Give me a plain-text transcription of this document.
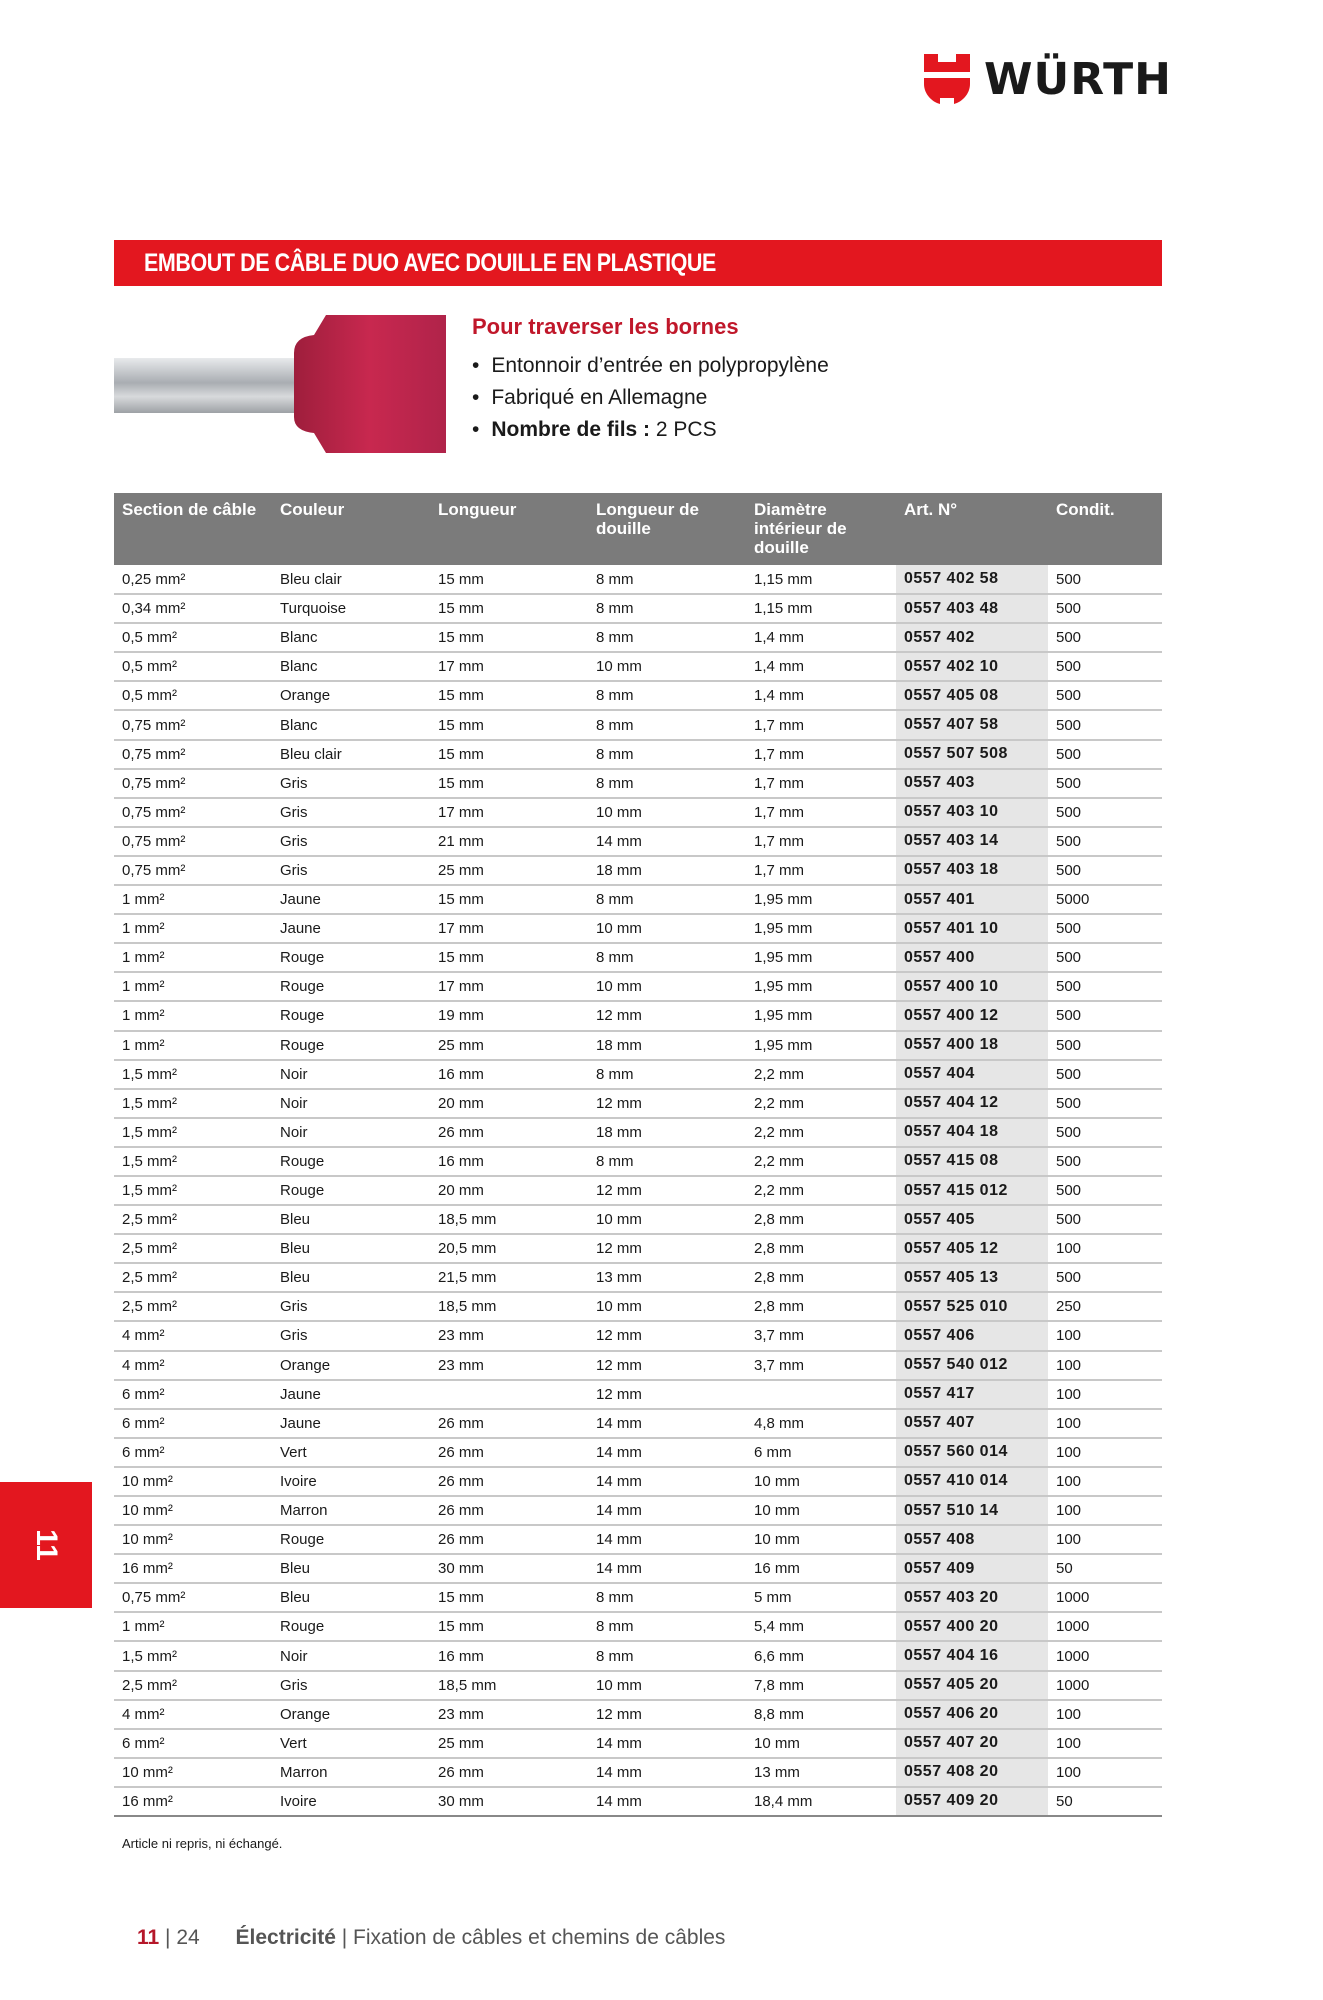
WÜRTH
EMBOUT DE CÂBLE DUO AVEC DOUILLE EN PLASTIQUE
Pour traverser les bornes
• Entonnoir d’entrée en polypropylène
• Fabriqué en Allemagne
• Nombre de fils : 2 PCS
Section de câble	Couleur	Longueur	Longueur de douille	Diamètre intérieur de douille	Art. N°	Condit.
0,25 mm²	Bleu clair	15 mm	8 mm	1,15 mm	0557 402 58	500
0,34 mm²	Turquoise	15 mm	8 mm	1,15 mm	0557 403 48	500
0,5 mm²	Blanc	15 mm	8 mm	1,4 mm	0557 402	500
0,5 mm²	Blanc	17 mm	10 mm	1,4 mm	0557 402 10	500
0,5 mm²	Orange	15 mm	8 mm	1,4 mm	0557 405 08	500
0,75 mm²	Blanc	15 mm	8 mm	1,7 mm	0557 407 58	500
0,75 mm²	Bleu clair	15 mm	8 mm	1,7 mm	0557 507 508	500
0,75 mm²	Gris	15 mm	8 mm	1,7 mm	0557 403	500
0,75 mm²	Gris	17 mm	10 mm	1,7 mm	0557 403 10	500
0,75 mm²	Gris	21 mm	14 mm	1,7 mm	0557 403 14	500
0,75 mm²	Gris	25 mm	18 mm	1,7 mm	0557 403 18	500
1 mm²	Jaune	15 mm	8 mm	1,95 mm	0557 401	5000
1 mm²	Jaune	17 mm	10 mm	1,95 mm	0557 401 10	500
1 mm²	Rouge	15 mm	8 mm	1,95 mm	0557 400	500
1 mm²	Rouge	17 mm	10 mm	1,95 mm	0557 400 10	500
1 mm²	Rouge	19 mm	12 mm	1,95 mm	0557 400 12	500
1 mm²	Rouge	25 mm	18 mm	1,95 mm	0557 400 18	500
1,5 mm²	Noir	16 mm	8 mm	2,2 mm	0557 404	500
1,5 mm²	Noir	20 mm	12 mm	2,2 mm	0557 404 12	500
1,5 mm²	Noir	26 mm	18 mm	2,2 mm	0557 404 18	500
1,5 mm²	Rouge	16 mm	8 mm	2,2 mm	0557 415 08	500
1,5 mm²	Rouge	20 mm	12 mm	2,2 mm	0557 415 012	500
2,5 mm²	Bleu	18,5 mm	10 mm	2,8 mm	0557 405	500
2,5 mm²	Bleu	20,5 mm	12 mm	2,8 mm	0557 405 12	100
2,5 mm²	Bleu	21,5 mm	13 mm	2,8 mm	0557 405 13	500
2,5 mm²	Gris	18,5 mm	10 mm	2,8 mm	0557 525 010	250
4 mm²	Gris	23 mm	12 mm	3,7 mm	0557 406	100
4 mm²	Orange	23 mm	12 mm	3,7 mm	0557 540 012	100
6 mm²	Jaune		12 mm		0557 417	100
6 mm²	Jaune	26 mm	14 mm	4,8 mm	0557 407	100
6 mm²	Vert	26 mm	14 mm	6 mm	0557 560 014	100
10 mm²	Ivoire	26 mm	14 mm	10 mm	0557 410 014	100
10 mm²	Marron	26 mm	14 mm	10 mm	0557 510 14	100
10 mm²	Rouge	26 mm	14 mm	10 mm	0557 408	100
16 mm²	Bleu	30 mm	14 mm	16 mm	0557 409	50
0,75 mm²	Bleu	15 mm	8 mm	5 mm	0557 403 20	1000
1 mm²	Rouge	15 mm	8 mm	5,4 mm	0557 400 20	1000
1,5 mm²	Noir	16 mm	8 mm	6,6 mm	0557 404 16	1000
2,5 mm²	Gris	18,5 mm	10 mm	7,8 mm	0557 405 20	1000
4 mm²	Orange	23 mm	12 mm	8,8 mm	0557 406 20	100
6 mm²	Vert	25 mm	14 mm	10 mm	0557 407 20	100
10 mm²	Marron	26 mm	14 mm	13 mm	0557 408 20	100
16 mm²	Ivoire	30 mm	14 mm	18,4 mm	0557 409 20	50
Article ni repris, ni échangé.
11
11 | 24 Électricité | Fixation de câbles et chemins de câbles
